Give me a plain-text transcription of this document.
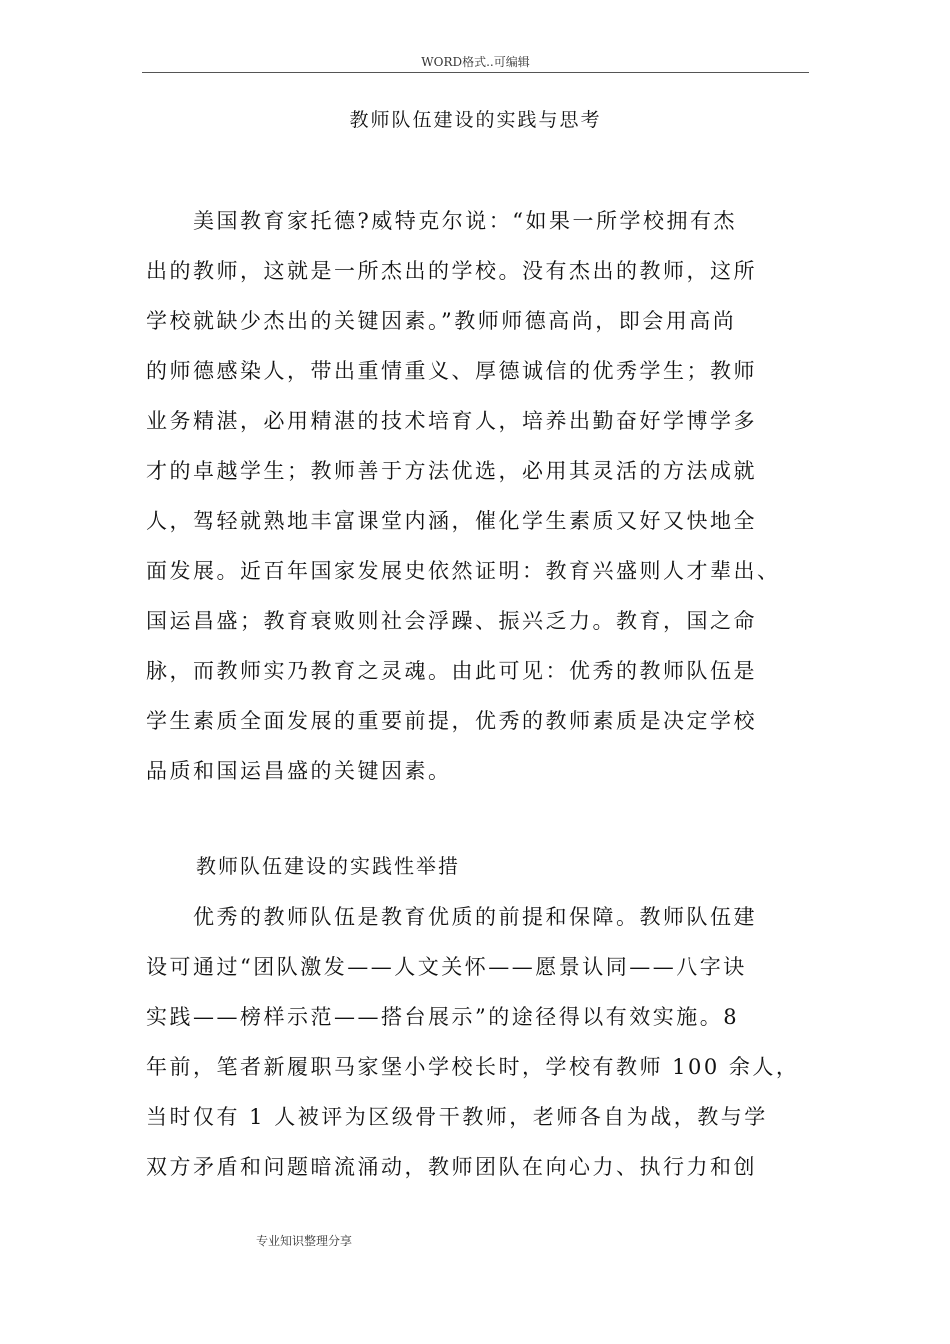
WORD格式..可编辑
教师队伍建设的实践与思考

　　美国教育家托德?威特克尔说：“如果一所学校拥有杰
出的教师，这就是一所杰出的学校。没有杰出的教师，这所
学校就缺少杰出的关键因素。”教师师德高尚，即会用高尚
的师德感染人，带出重情重义、厚德诚信的优秀学生；教师
业务精湛，必用精湛的技术培育人，培养出勤奋好学博学多
才的卓越学生；教师善于方法优选，必用其灵活的方法成就
人，驾轻就熟地丰富课堂内涵，催化学生素质又好又快地全
面发展。近百年国家发展史依然证明：教育兴盛则人才辈出、
国运昌盛；教育衰败则社会浮躁、振兴乏力。教育，国之命
脉，而教师实乃教育之灵魂。由此可见：优秀的教师队伍是
学生素质全面发展的重要前提，优秀的教师素质是决定学校
品质和国运昌盛的关键因素。

教师队伍建设的实践性举措

　　优秀的教师队伍是教育优质的前提和保障。教师队伍建
设可通过“团队激发——人文关怀——愿景认同——八字诀
实践——榜样示范——搭台展示”的途径得以有效实施。8
年前，笔者新履职马家堡小学校长时，学校有教师 100 余人，
当时仅有 1 人被评为区级骨干教师，老师各自为战，教与学
双方矛盾和问题暗流涌动，教师团队在向心力、执行力和创

专业知识整理分享
